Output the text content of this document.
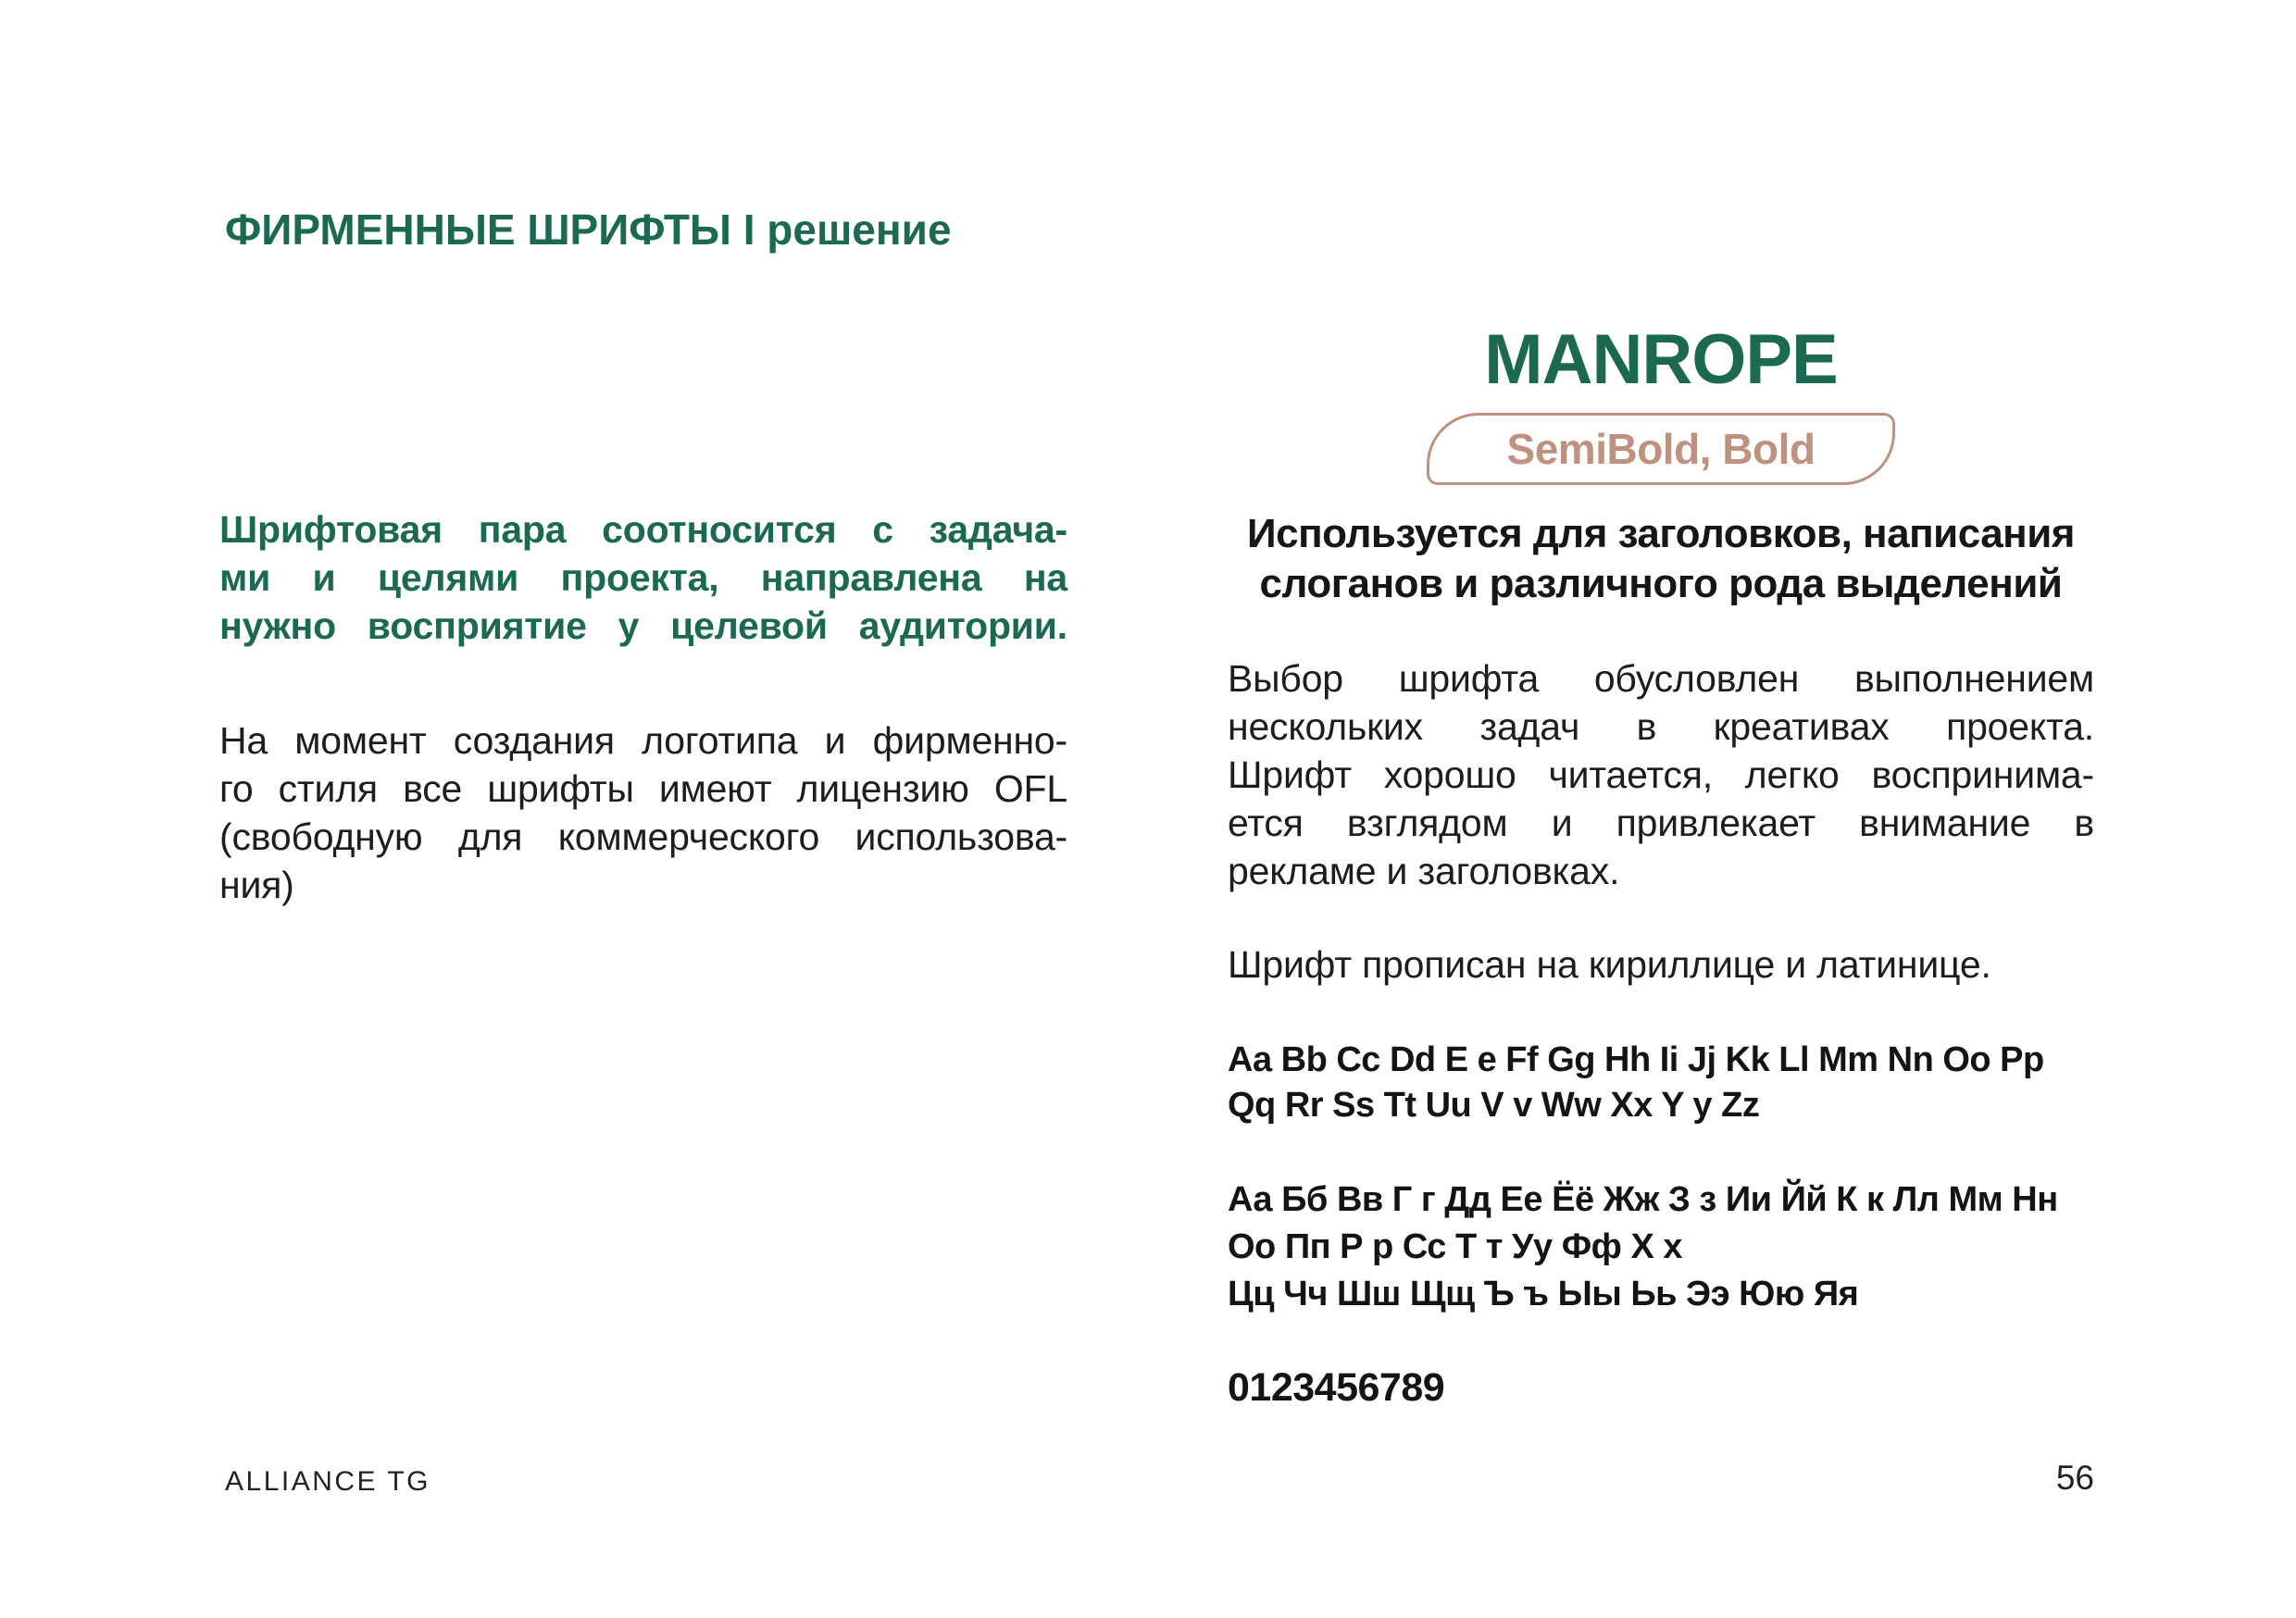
ФИРМЕННЫЕ ШРИФТЫ I решение
Шрифтовая пара соотносится с задача-
ми и целями проекта, направлена на
нужно восприятие у целевой аудитории.
На момент создания логотипа и фирменно-
го стиля все шрифты имеют лицензию OFL
(свободную для коммерческого использова-
ния)
MANROPE
SemiBold, Bold
Используется для заголовков, написания
слоганов и различного рода выделений
Выбор шрифта обусловлен выполнением
нескольких задач в креативах проекта.
Шрифт хорошо читается, легко воспринима-
ется взглядом и привлекает внимание в
рекламе и заголовках.
Шрифт прописан на кириллице и латинице.
Aa Bb Cc Dd E e Ff Gg Hh Ii Jj Kk Ll Mm Nn Oo Pp
Qq Rr Ss Tt Uu V v Ww Xx Y y Zz
Аа Бб Вв Г г Дд Ее Ёё Жж З з Ии Йй К к Лл Мм Нн
Оо Пп Р р Сс Т т Уу Фф Х х
Цц Чч Шш Щщ Ъ ъ Ыы Ьь Ээ Юю Яя
0123456789
ALLIANCE TG	56
